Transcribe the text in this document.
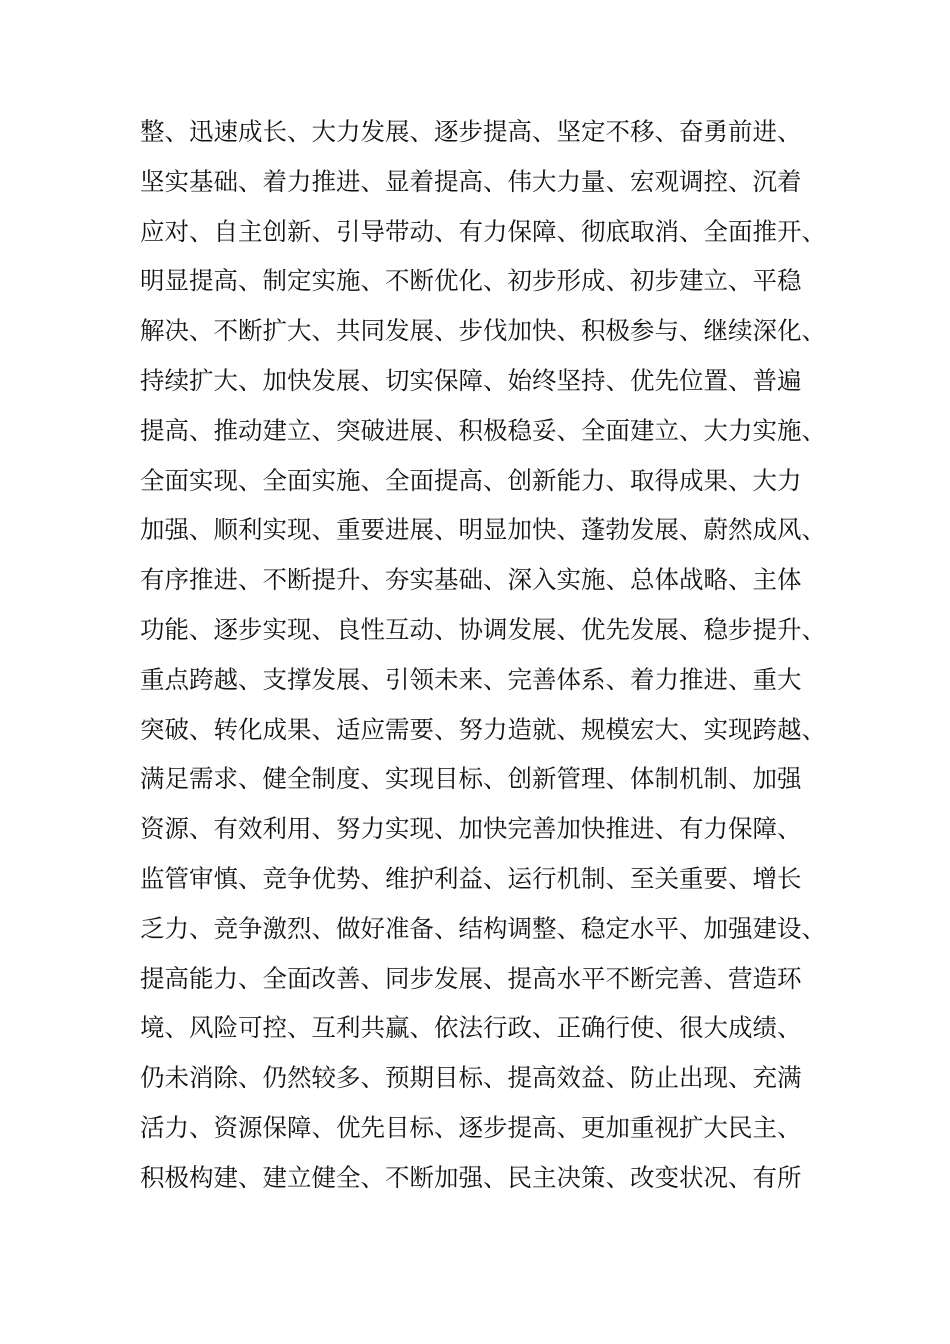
整、迅速成长、大力发展、逐步提高、坚定不移、奋勇前进、
坚实基础、着力推进、显着提高、伟大力量、宏观调控、沉着
应对、自主创新、引导带动、有力保障、彻底取消、全面推开、
明显提高、制定实施、不断优化、初步形成、初步建立、平稳
解决、不断扩大、共同发展、步伐加快、积极参与、继续深化、
持续扩大、加快发展、切实保障、始终坚持、优先位置、普遍
提高、推动建立、突破进展、积极稳妥、全面建立、大力实施、
全面实现、全面实施、全面提高、创新能力、取得成果、大力
加强、顺利实现、重要进展、明显加快、蓬勃发展、蔚然成风、
有序推进、不断提升、夯实基础、深入实施、总体战略、主体
功能、逐步实现、良性互动、协调发展、优先发展、稳步提升、
重点跨越、支撑发展、引领未来、完善体系、着力推进、重大
突破、转化成果、适应需要、努力造就、规模宏大、实现跨越、
满足需求、健全制度、实现目标、创新管理、体制机制、加强
资源、有效利用、努力实现、加快完善加快推进、有力保障、
监管审慎、竞争优势、维护利益、运行机制、至关重要、增长
乏力、竞争激烈、做好准备、结构调整、稳定水平、加强建设、
提高能力、全面改善、同步发展、提高水平不断完善、营造环
境、风险可控、互利共赢、依法行政、正确行使、很大成绩、
仍未消除、仍然较多、预期目标、提高效益、防止出现、充满
活力、资源保障、优先目标、逐步提高、更加重视扩大民主、
积极构建、建立健全、不断加强、民主决策、改变状况、有所
